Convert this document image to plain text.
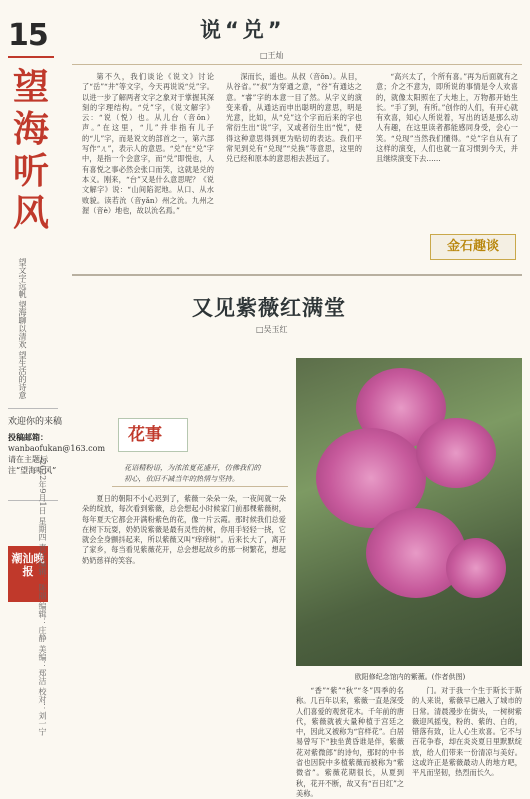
15
望
海
听
风
望文字远帆 望海聊以清欢 望生活的诗意
欢迎你的来稿
投稿邮箱：
wanbaofukan@163.com
请在主题标注“望海听风”
潮汕晚报 2022年9月1日 星期四 责任编辑：陈丽 编辑：庄静 美编：郑洁 校对：刘一宁
说“兑”
□王灿

第不久，我们谈论《说文》讨论了“岳”“井”等文字，今天再说说“兑”字。以进一步了解两者文字之象对于掌握其深刻的字理结构。“兑”字，《说文解字》云：“说（悦）也。从儿台（音ǒn）声。”在这里，“儿”并非指有儿子的“儿”字，而是说文的部首之一，第六部写作“ㄦ”，表示人的意思。“兑”在“兑”字中，是指一个会意字，而“兑”即悦也，人有喜悦之事必然会张口而笑，这就是兑的本义。刚来，“台”又是什么意思呢？《说文解字》说：“山间陷泥地。从口、从水败貌。读若沇（音yǎn）州之沇。九州之渥（音è）地也，故以沇名焉。”

深而长，遥也。从叔（音ǒn）。从目，从谷省。”“叔”为穿通之意，“谷”有通达之意。“睿”字的本意一目了然。从字义的演变来看，从通达而申出聪明的意思，明是光意，比如，从“兑”这个字而后来的字也常衍生出“说”字，又或者衍生出“悦”，使得这种意思得到更为贴切的表达。我们平常见到兑有“兑现”“兑换”等意思，这里的兑已经和原本的意思相去甚远了。

“高兴太了，个所有喜。”再为后面就有之意；介之不意为，即所说的事情是令人欢喜的，就像太阳照在了大地上，万物都开始生长。“手了到，有所。”创作的人们，有开心就有欢喜，知心人所说着，写出的话是那么动人有趣，在这里读者都能感同身受，会心一笑。“兑现”当然我们懂得。“兑”字自从有了这样的演变，人们也就一直习惯到今天，并且继续演变下去……

金石趣谈
又见紫薇红满堂
□吴玉红
花事
花语精粉语，为浓浓夏花盛开，仿佛我们的初心，依旧不减当年的热情与坚持。

夏日的朝阳不小心迟到了，紫薇一朵朵一朵，一夜间就一朵朵的绽放，每次看到紫薇，总会想起小时候家门前那棵紫薇树，每年夏天它都会开满粉紫色的花，像一片云霞。那时候我们总爱在树下玩耍，奶奶说紫薇是最有灵性的树，你用手轻轻一挠，它就会全身颤抖起来，所以紫薇又叫“痒痒树”。后来长大了，离开了家乡，每当看见紫薇花开，总会想起故乡的那一树繁花，想起奶奶慈祥的笑容。

欧阳修纪念馆内的紫薇。(作者供图)

“香”“紫”“秋”“冬”四季的名称。几百年以来，紫薇一直是深受人们喜爱的观赏花木。千年前的唐代，紫薇就被大量种植于宫廷之中，因此又被称为“官样花”。白居易曾写下“独坐黄昏谁是伴，紫薇花对紫微郎”的诗句，那时的中书省也因院中多植紫薇而被称为“紫微省”。紫薇花期很长，从夏到秋，花开不断，故又有“百日红”之美称。

门。对于我一个生于斯长于斯的人来说，紫薇早已融入了城市的日常。清晨漫步在街头，一树树紫薇迎风摇曳，粉的、紫的、白的，错落有致，让人心生欢喜。它不与百花争春，却在炎炎夏日里默默绽放，给人们带来一份清凉与美好。这或许正是紫薇最动人的地方吧，平凡而坚韧，热烈而长久。
